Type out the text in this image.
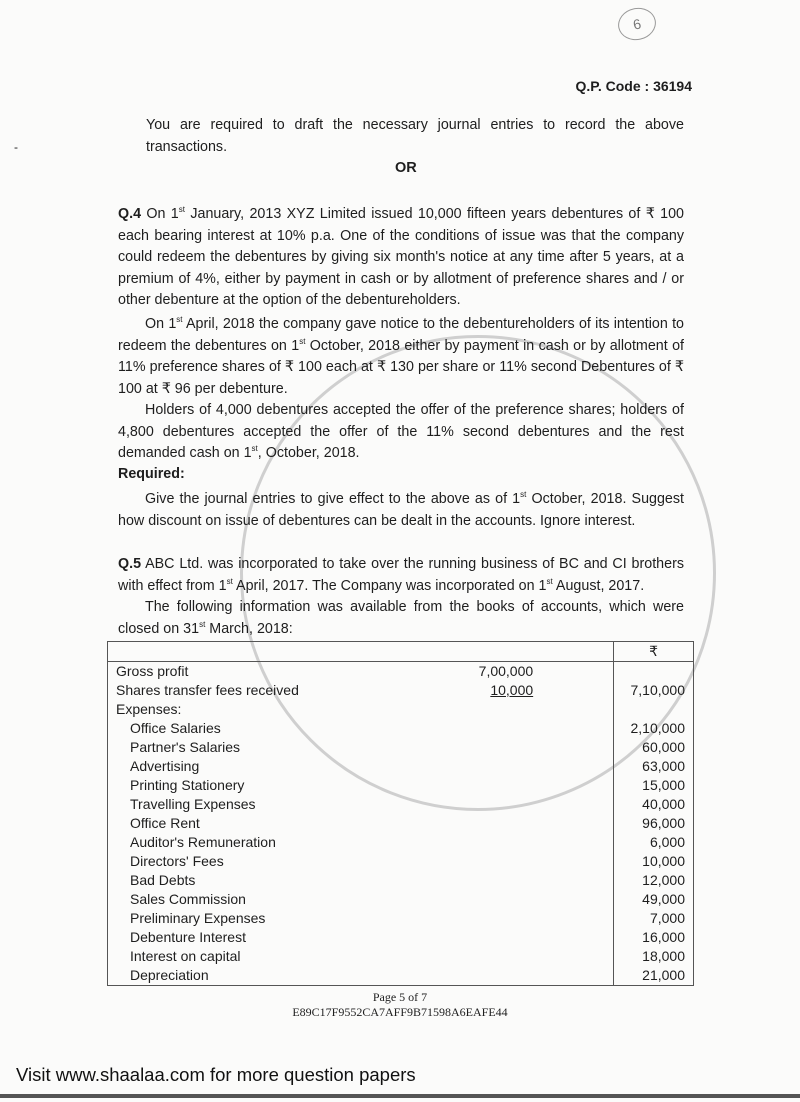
6
Q.P. Code : 36194
-
You are required to draft the necessary journal entries to record the above transactions.
OR
Q.4 On 1st January, 2013 XYZ Limited issued 10,000 fifteen years debentures of ₹ 100 each bearing interest at 10% p.a. One of the conditions of issue was that the company could redeem the debentures by giving six month's notice at any time after 5 years, at a premium of 4%, either by payment in cash or by allotment of preference shares and / or other debenture at the option of the debentureholders.
On 1st April, 2018 the company gave notice to the debentureholders of its intention to redeem the debentures on 1st October, 2018 either by payment in cash or by allotment of 11% preference shares of ₹ 100 each at ₹ 130 per share or 11% second Debentures of ₹ 100 at ₹ 96 per debenture.
Holders of 4,000 debentures accepted the offer of the preference shares; holders of 4,800 debentures accepted the offer of the 11% second debentures and the rest demanded cash on 1st, October, 2018.
Required:
Give the journal entries to give effect to the above as of 1st October, 2018. Suggest how discount on issue of debentures can be dealt in the accounts. Ignore interest.
Q.5 ABC Ltd. was incorporated to take over the running business of BC and CI brothers with effect from 1st April, 2017. The Company was incorporated on 1st August, 2017.
The following information was available from the books of accounts, which were closed on 31st March, 2018:
		₹
Gross profit	7,00,000	
Shares transfer fees received	10,000	7,10,000
Expenses:		
Office Salaries		2,10,000
Partner's Salaries		60,000
Advertising		63,000
Printing Stationery		15,000
Travelling Expenses		40,000
Office Rent		96,000
Auditor's Remuneration		6,000
Directors' Fees		10,000
Bad Debts		12,000
Sales Commission		49,000
Preliminary Expenses		7,000
Debenture Interest		16,000
Interest on capital		18,000
Depreciation		21,000
Page 5 of 7
E89C17F9552CA7AFF9B71598A6EAFE44
Visit www.shaalaa.com for more question papers
